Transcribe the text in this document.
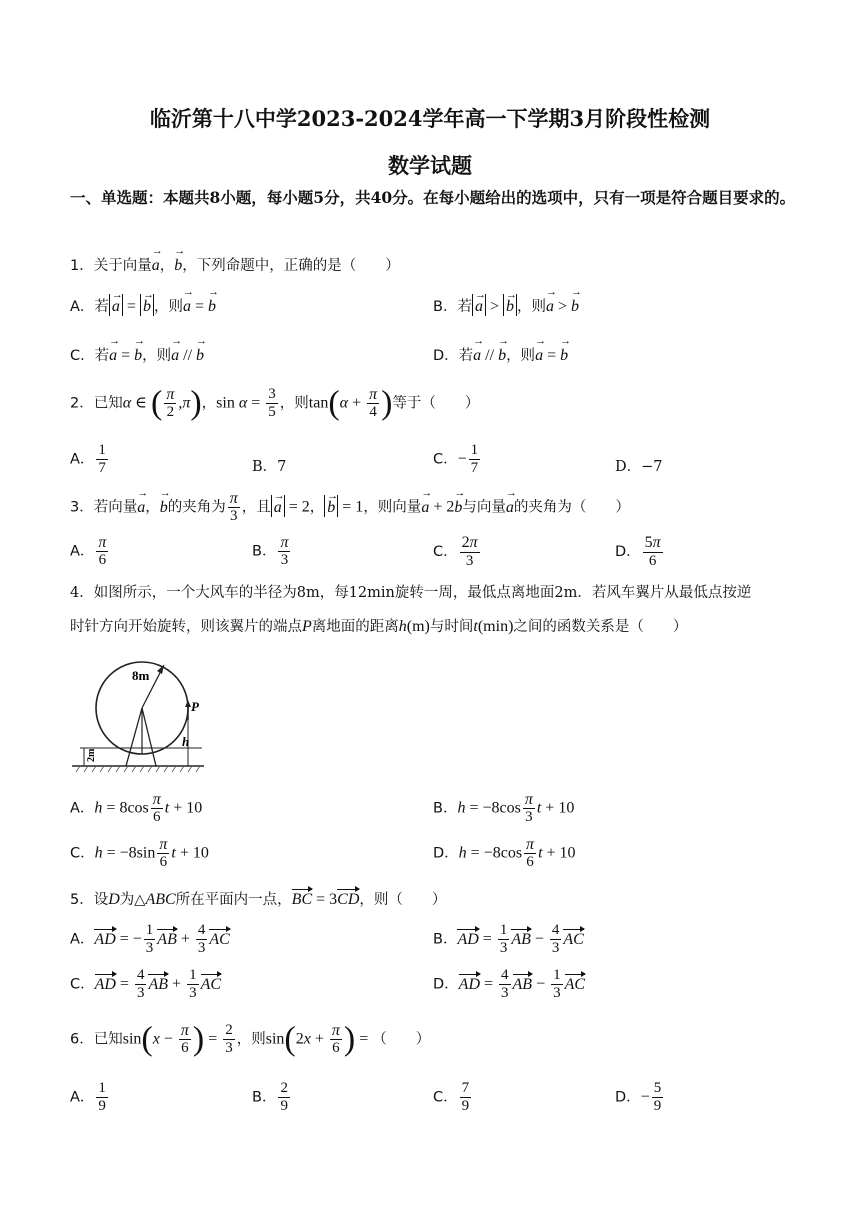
临沂第十八中学2023-2024学年高一下学期3月阶段性检测
数学试题
一、单选题：本题共8小题，每小题5分，共40分。在每小题给出的选项中，只有一项是符合题目要求的。
1．关于向量→ a，→ b，下列命题中，正确的是（　　）
A．若 → a = → b ，则→ a = → b	B．若 → a > → b ，则→ a > → b
C．若→ a = → b，则→ a // → b	D．若→ a // → b，则→ a = → b
2．已知α ∈ ( $\frac{\pi}{2} ,\pi$)，$\sin \alpha = \frac{3}{5}$ ，则$\tan(\alpha + \frac{\pi}{4}$ )等于（　　）
A． $\frac{1}{7}$	B．7	C．− $\frac{1}{7}$	D．−7
3．若向量→ a，→ b的夹角为 $\frac{\pi}{3}$ ，且 → a = 2， → b = 1，则向量→ a + 2→ b与向量→ a的夹角为（　　）
A． $\frac{\pi}{6}$	B． $\frac{\pi}{3}$	C． $\frac{2\pi}{3}$	D． $\frac{5\pi}{6}$
4．如图所示，一个大风车的半径为8m，每12min旋转一周，最低点离地面2m．若风车翼片从最低点按逆
时针方向开始旋转，则该翼片的端点P离地面的距离h(m)与时间t(min)之间的函数关系是（　　）
8m
P
h
2m
A．$h = 8\cos \frac{\pi}{6}$ t + 10	B．$h = -8\cos \frac{\pi}{3}$ t + 10
C．$h = -8\sin \frac{\pi}{6}$ t + 10	D．$h = -8\cos \frac{\pi}{6}$ t + 10
5．设D为△ABC所在平面内一点，BC = 3CD，则（　　）
A．AD = − $\frac{1}{3}$ AB + $\frac{4}{3}$ AC	B．AD = $\frac{1}{3}$ AB − $\frac{4}{3}$ AC
C．AD = $\frac{4}{3}$ AB + $\frac{1}{3}$ AC	D．AD = $\frac{4}{3}$ AB − $\frac{1}{3}$ AC
6．已知$\sin(x - \frac{\pi}{6}$ ) = $\frac{2}{3}$ ，则$\sin(2x + \frac{\pi}{6}$ ) = （　　）
A． $\frac{1}{9}$	B． $\frac{2}{9}$	C． $\frac{7}{9}$	D．− $\frac{5}{9}$
